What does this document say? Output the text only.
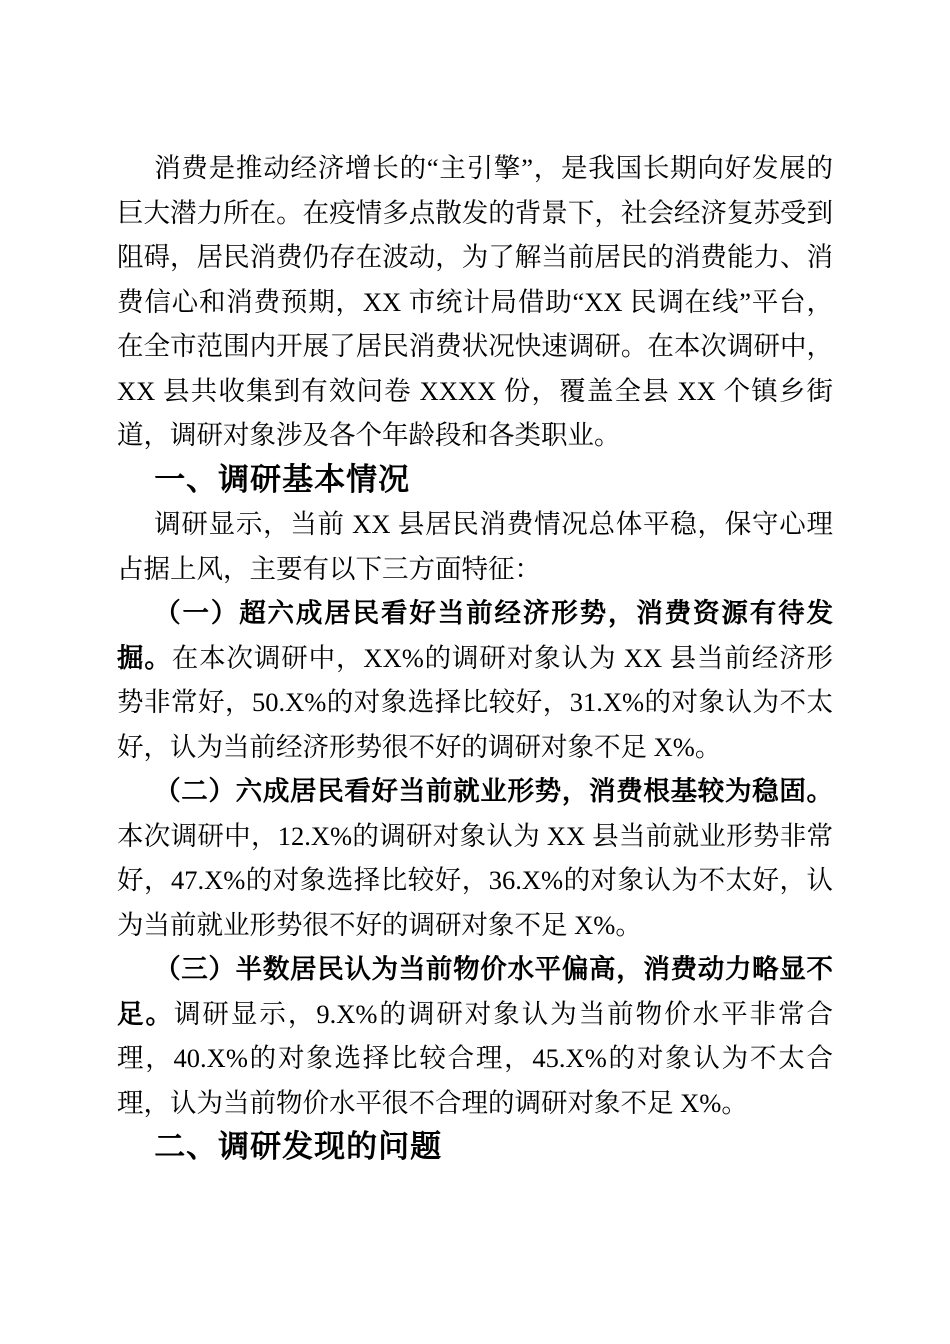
消费是推动经济增长的“主引擎”，是我国长期向好发展的巨大潜力所在。在疫情多点散发的背景下，社会经济复苏受到阻碍，居民消费仍存在波动，为了解当前居民的消费能力、消费信心和消费预期，XX 市统计局借助“XX 民调在线”平台，在全市范围内开展了居民消费状况快速调研。在本次调研中，XX 县共收集到有效问卷 XXXX 份，覆盖全县 XX 个镇乡街道，调研对象涉及各个年龄段和各类职业。

一、调研基本情况

调研显示，当前 XX 县居民消费情况总体平稳，保守心理占据上风，主要有以下三方面特征：

（一）超六成居民看好当前经济形势，消费资源有待发掘。在本次调研中，XX%的调研对象认为 XX 县当前经济形势非常好，50.X%的对象选择比较好，31.X%的对象认为不太好，认为当前经济形势很不好的调研对象不足 X%。

（二）六成居民看好当前就业形势，消费根基较为稳固。本次调研中，12.X%的调研对象认为 XX 县当前就业形势非常好，47.X%的对象选择比较好，36.X%的对象认为不太好，认为当前就业形势很不好的调研对象不足 X%。

（三）半数居民认为当前物价水平偏高，消费动力略显不足。调研显示，9.X%的调研对象认为当前物价水平非常合理，40.X%的对象选择比较合理，45.X%的对象认为不太合理，认为当前物价水平很不合理的调研对象不足 X%。

二、调研发现的问题
